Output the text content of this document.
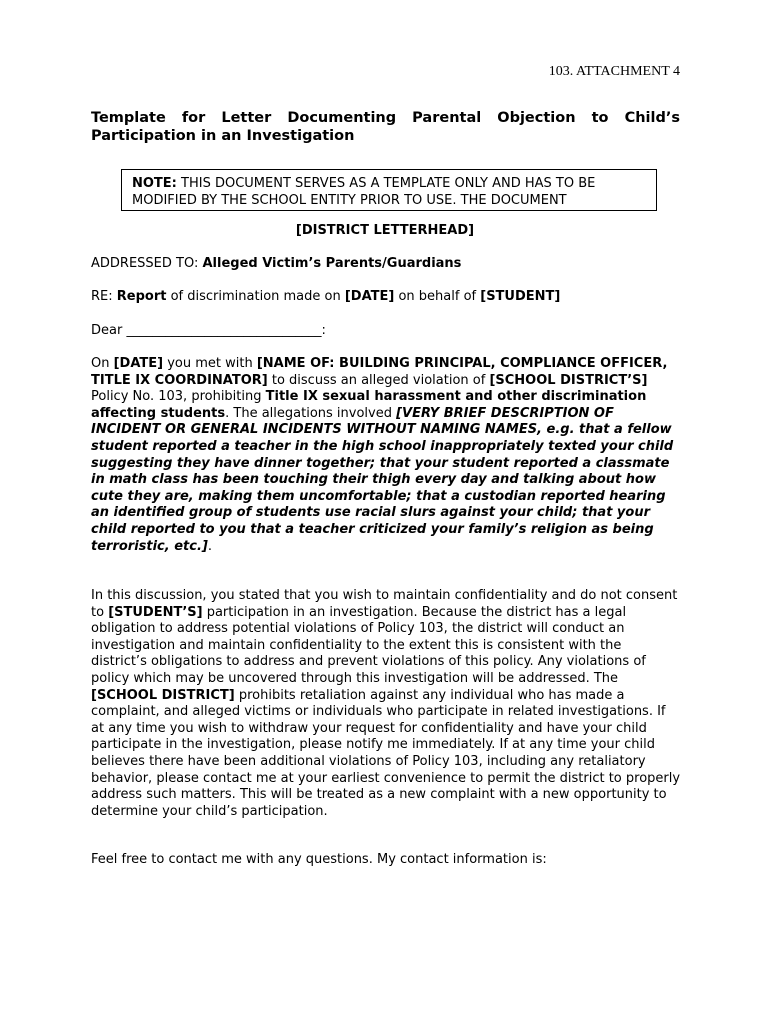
103. ATTACHMENT 4
Template for Letter Documenting Parental Objection to Child’s
Participation in an Investigation
NOTE: THIS DOCUMENT SERVES AS A TEMPLATE ONLY AND HAS TO BE MODIFIED BY THE SCHOOL ENTITY PRIOR TO USE. THE DOCUMENT
[DISTRICT LETTERHEAD]
ADDRESSED TO: Alleged Victim’s Parents/Guardians
RE: Report of discrimination made on [DATE] on behalf of [STUDENT]
Dear ______________________________:
On [DATE] you met with [NAME OF: BUILDING PRINCIPAL, COMPLIANCE OFFICER, TITLE IX COORDINATOR] to discuss an alleged violation of [SCHOOL DISTRICT’S] Policy No. 103, prohibiting Title IX sexual harassment and other discrimination affecting students. The allegations involved [VERY BRIEF DESCRIPTION OF INCIDENT OR GENERAL INCIDENTS WITHOUT NAMING NAMES, e.g. that a fellow student reported a teacher in the high school inappropriately texted your child suggesting they have dinner together; that your student reported a classmate in math class has been touching their thigh every day and talking about how cute they are, making them uncomfortable; that a custodian reported hearing an identified group of students use racial slurs against your child; that your child reported to you that a teacher criticized your family’s religion as being terroristic, etc.].
In this discussion, you stated that you wish to maintain confidentiality and do not consent to [STUDENT’S] participation in an investigation. Because the district has a legal obligation to address potential violations of Policy 103, the district will conduct an investigation and maintain confidentiality to the extent this is consistent with the district’s obligations to address and prevent violations of this policy. Any violations of policy which may be uncovered through this investigation will be addressed. The [SCHOOL DISTRICT] prohibits retaliation against any individual who has made a complaint, and alleged victims or individuals who participate in related investigations. If at any time you wish to withdraw your request for confidentiality and have your child participate in the investigation, please notify me immediately. If at any time your child believes there have been additional violations of Policy 103, including any retaliatory behavior, please contact me at your earliest convenience to permit the district to properly address such matters. This will be treated as a new complaint with a new opportunity to determine your child’s participation.
Feel free to contact me with any questions. My contact information is:
